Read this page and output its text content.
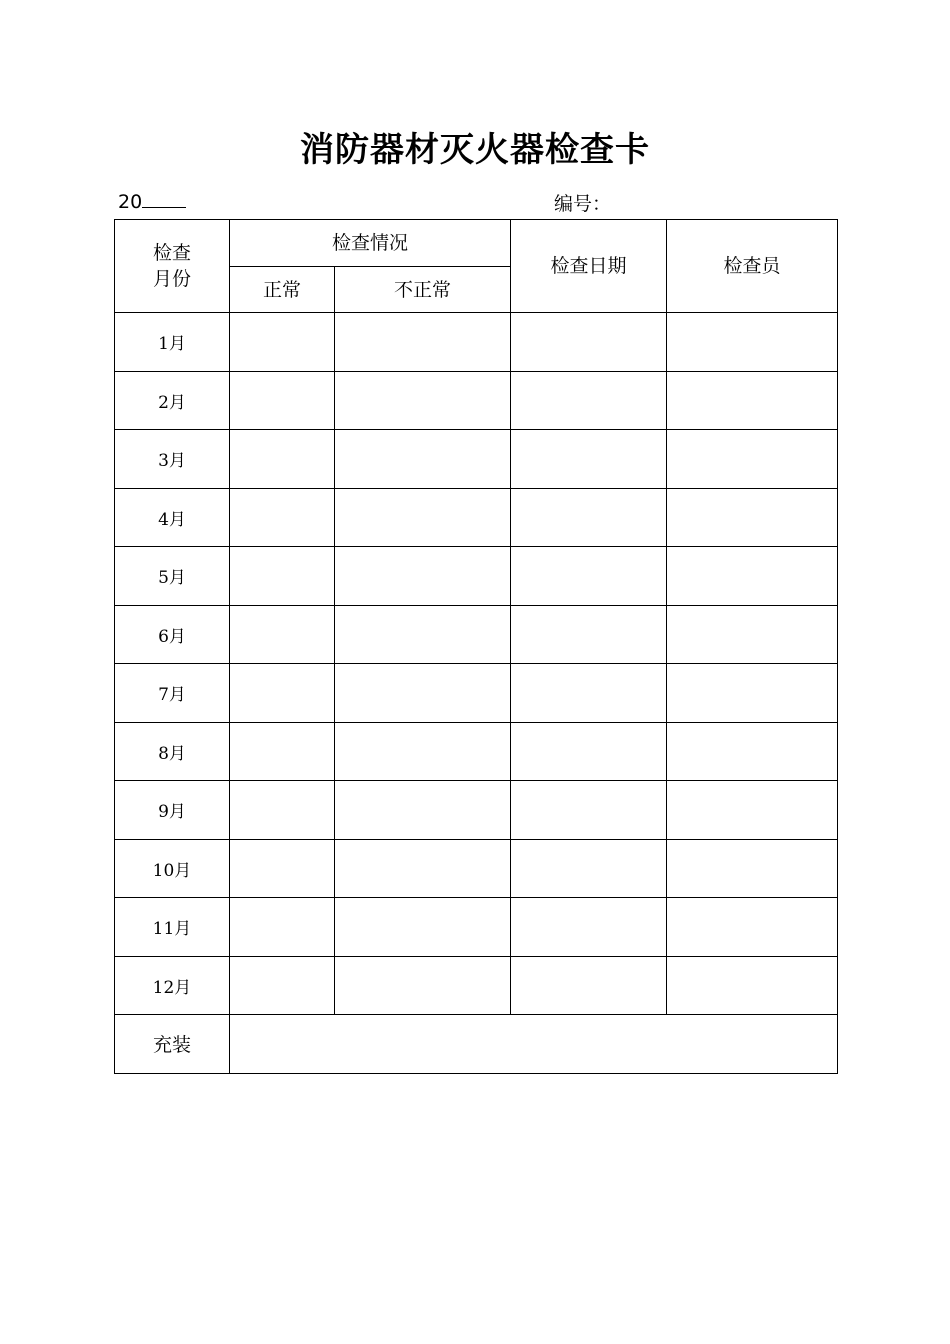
消防器材灭火器检查卡
20	编号：
检查
月份	检查情况		检查日期	检查员
	正常	不正常		
1月				
2月				
3月				
4月				
5月				
6月				
7月				
8月				
9月				
10月				
11月				
12月				
充装				
